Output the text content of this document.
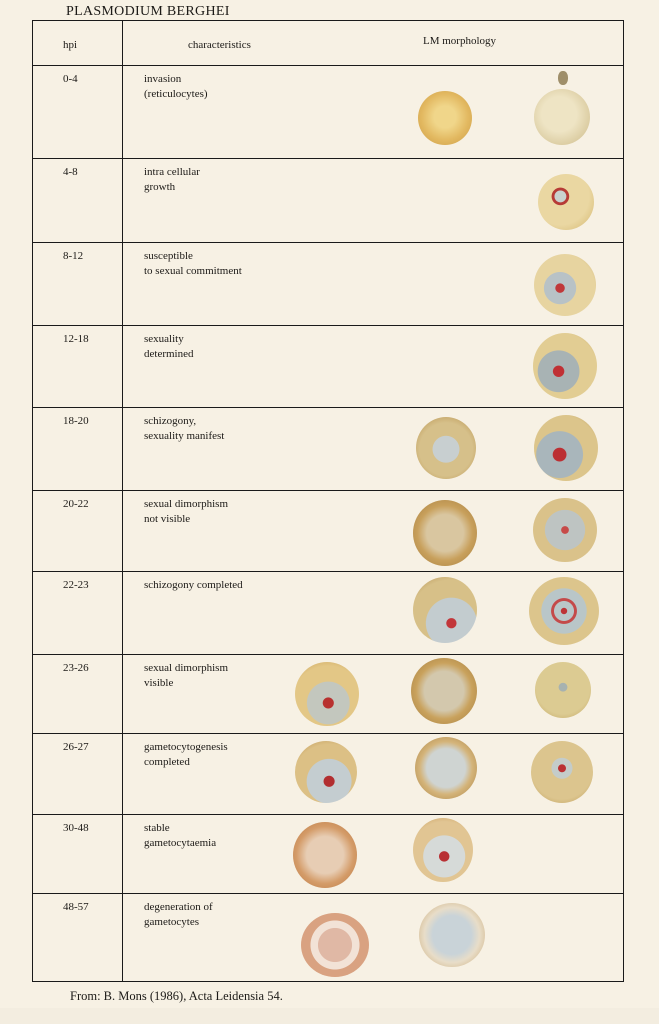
PLASMODIUM BERGHEI
hpi	characteristics	LM morphology
0-4	invasion
(reticulocytes)
4-8	intra cellular
growth
8-12	susceptible
to sexual commitment
12-18	sexuality
determined
18-20	schizogony,
sexuality manifest
20-22	sexual dimorphism
not visible
22-23	schizogony completed
23-26	sexual dimorphism
visible
26-27	gametocytogenesis
completed
30-48	stable
gametocytaemia
48-57	degeneration of
gametocytes
From: B. Mons (1986), Acta Leidensia 54.
